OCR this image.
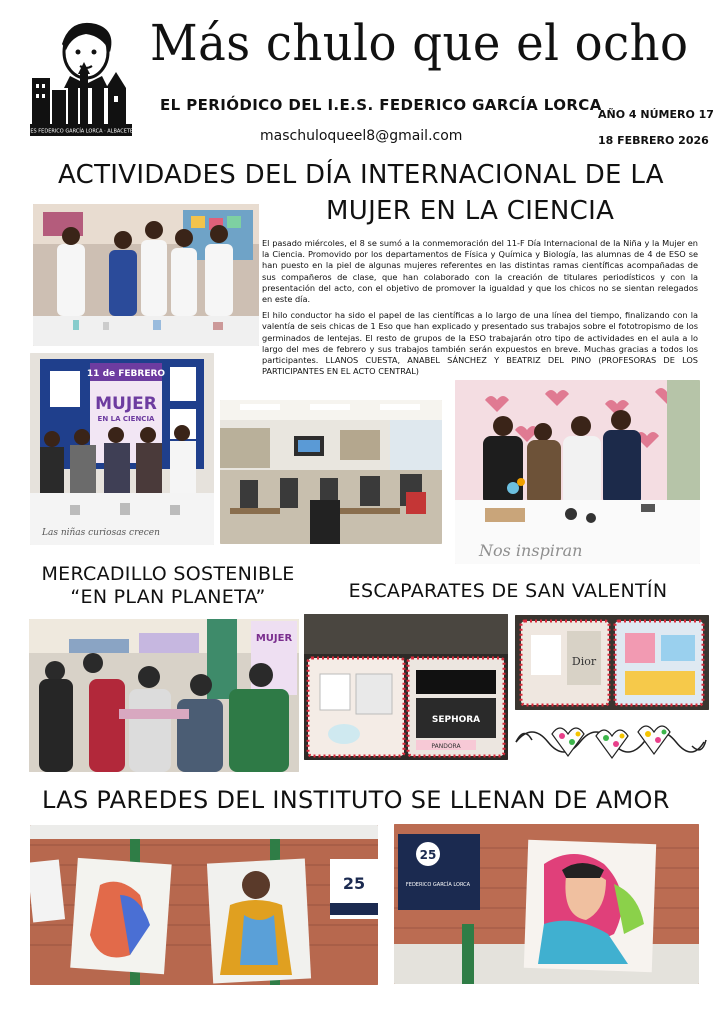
IES FEDERICO GARCÍA LORCA · ALBACETE
Más chulo que el ocho
EL PERIÓDICO DEL I.E.S. FEDERICO GARCÍA LORCA
maschuloqueel8@gmail.com
AÑO 4 NÚMERO 17
18 FEBRERO 2026
ACTIVIDADES DEL DÍA INTERNACIONAL DE LA
MUJER EN LA CIENCIA

El pasado miércoles, el 8 se sumó a la conmemoración del 11-F Día Internacional de la Niña y la Mujer en la Ciencia. Promovido por los departamentos de Física y Química y Biología, las alumnas de 4 de ESO se han puesto en la piel de algunas mujeres referentes en las distintas ramas científicas acompañadas de sus compañeros de clase, que han colaborado con la creación de titulares periodísticos y con la presentación del acto, con el objetivo de promover la igualdad y que los chicos no se sientan relegados en este día.

El hilo conductor ha sido el papel de las científicas a lo largo de una línea del tiempo, finalizando con la valentía de seis chicas de 1 Eso que han explicado y presentado sus trabajos sobre el fototropismo de los germinados de lentejas. El resto de grupos de la ESO trabajarán otro tipo de actividades en el aula a lo largo del mes de febrero y sus trabajos también serán expuestos en breve. Muchas gracias a todos los participantes. LLANOS CUESTA, ANABEL SÁNCHEZ Y BEATRIZ DEL PINO (PROFESORAS DE LOS PARTICIPANTES EN EL ACTO CENTRAL)

11 de FEBRERO
MUJER
EN LA CIENCIA
Las niñas curiosas crecen
Nos inspiran
MERCADILLO SOSTENIBLE
“EN PLAN PLANETA”	ESCAPARATES DE SAN VALENTÍN
MUJER
SEPHORA
PANDORA
Dior
LAS PAREDES DEL INSTITUTO SE LLENAN DE AMOR
25
25
FEDERICO GARCÍA LORCA
